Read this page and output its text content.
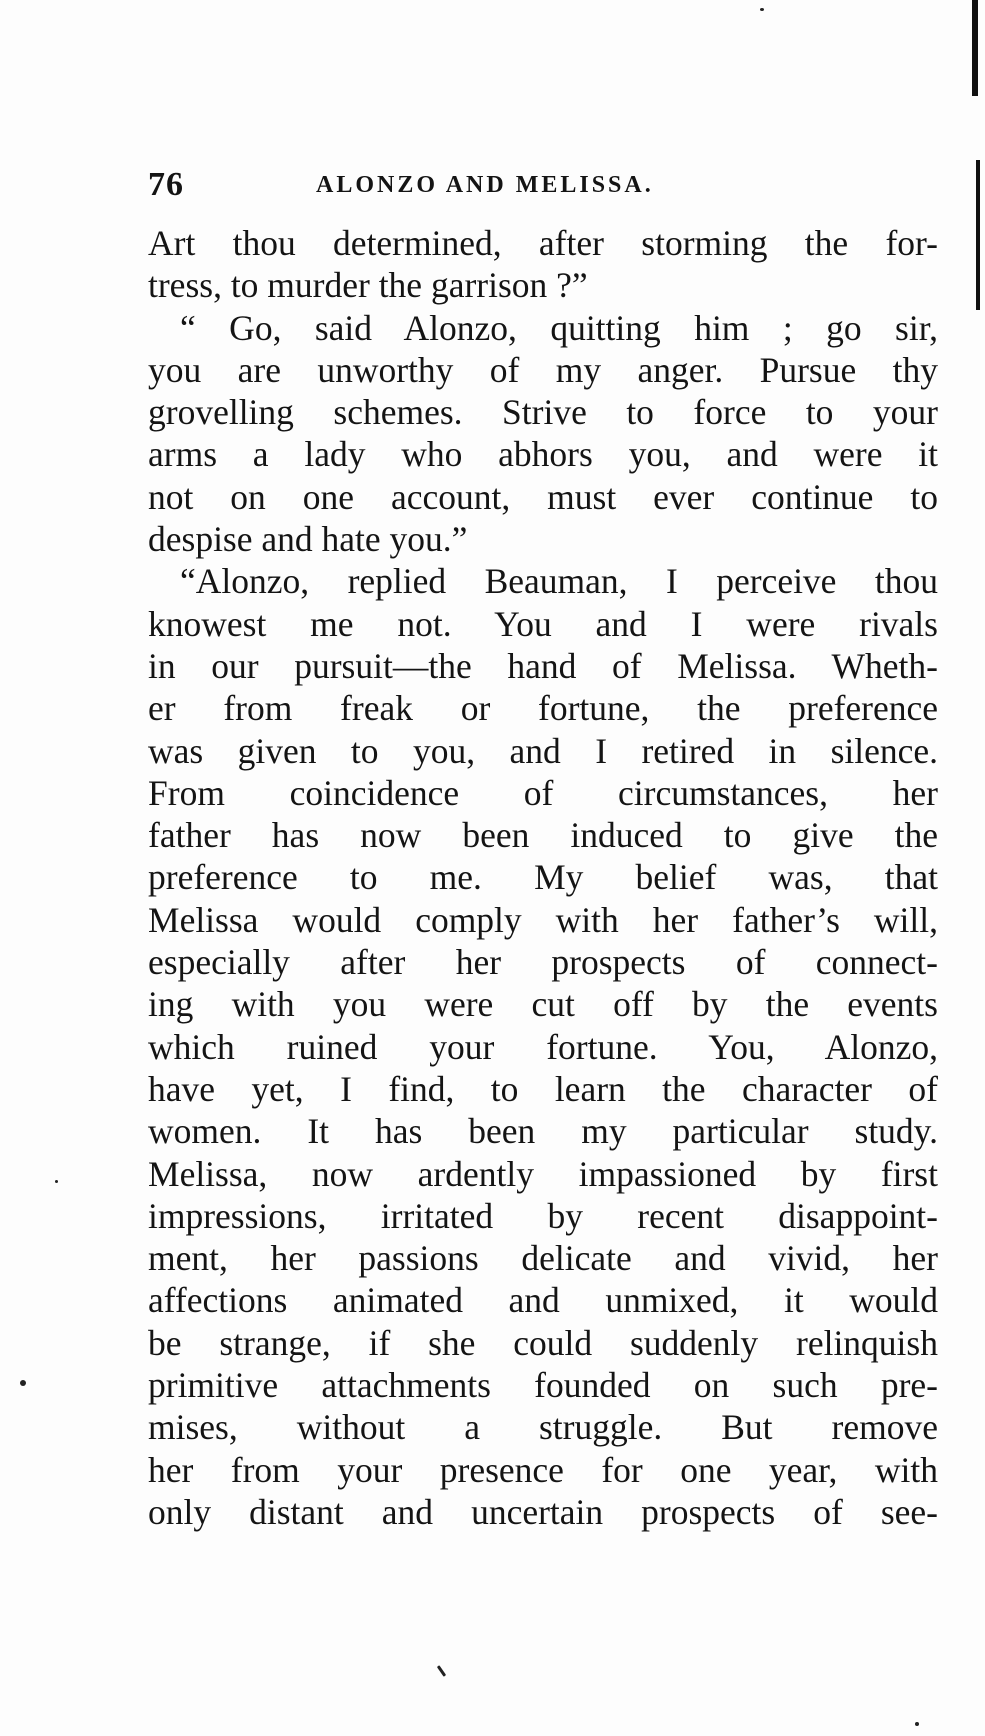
76	ALONZO AND MELISSA.
Art thou determined, after storming the for-
tress, to murder the garrison ?”
“ Go, said Alonzo, quitting him ; go sir,
you are unworthy of my anger. Pursue thy
grovelling schemes. Strive to force to your
arms a lady who abhors you, and were it
not on one account, must ever continue to
despise and hate you.”
“Alonzo, replied Beauman, I perceive thou
knowest me not. You and I were rivals
in our pursuit—the hand of Melissa. Wheth-
er from freak or fortune, the preference
was given to you, and I retired in silence.
From coincidence of circumstances, her
father has now been induced to give the
preference to me. My belief was, that
Melissa would comply with her father’s will,
especially after her prospects of connect-
ing with you were cut off by the events
which ruined your fortune. You, Alonzo,
have yet, I find, to learn the character of
women. It has been my particular study.
Melissa, now ardently impassioned by first
impressions, irritated by recent disappoint-
ment, her passions delicate and vivid, her
affections animated and unmixed, it would
be strange, if she could suddenly relinquish
primitive attachments founded on such pre-
mises, without a struggle. But remove
her from your presence for one year, with
only distant and uncertain prospects of see-
